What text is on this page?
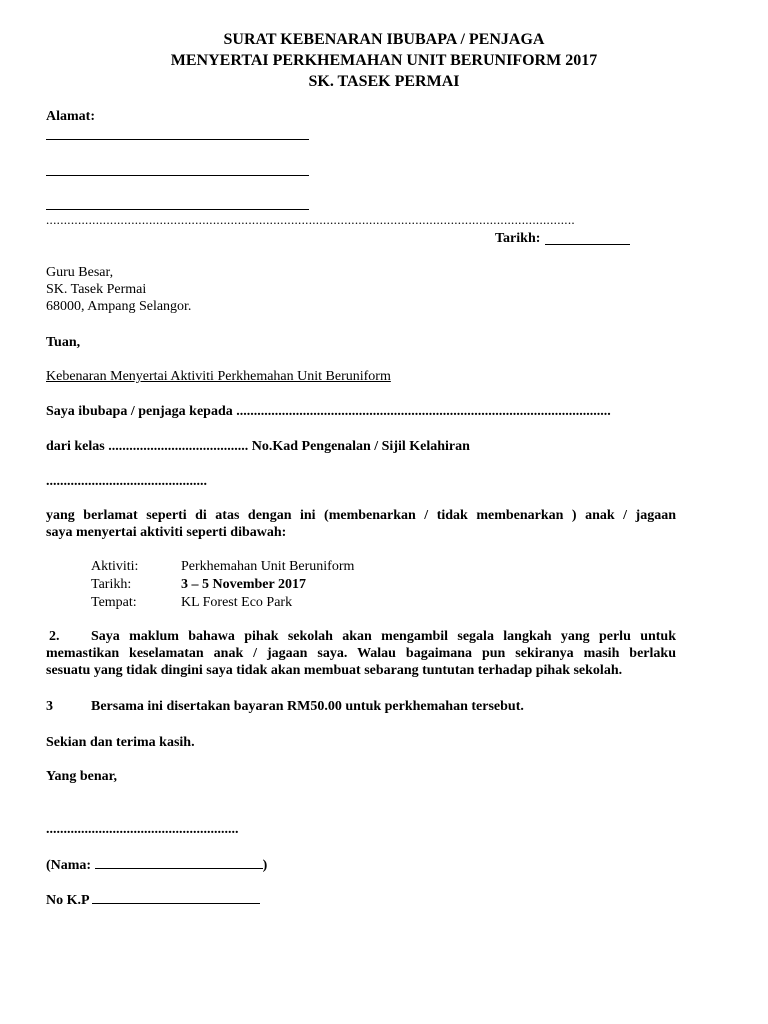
SURAT KEBENARAN IBUBAPA / PENJAGA
MENYERTAI PERKHEMAHAN UNIT BERUNIFORM 2017
SK. TASEK PERMAI
Alamat:
.....................................................................................................................................................
Tarikh:
Guru Besar,
SK. Tasek Permai
68000, Ampang Selangor.
Tuan,
Kebenaran Menyertai Aktiviti Perkhemahan Unit Beruniform
Saya ibubapa / penjaga kepada ...........................................................................................................
dari kelas ........................................ No.Kad Pengenalan / Sijil Kelahiran
..............................................
yang berlamat seperti di atas dengan ini (membenarkan / tidak membenarkan ) anak / jagaan
saya menyertai aktiviti seperti dibawah:
Aktiviti:	Perkhemahan Unit Beruniform
Tarikh:	3 – 5 November 2017
Tempat:	KL Forest Eco Park
2. Saya maklum bahawa pihak sekolah akan mengambil segala langkah yang perlu untuk
memastikan keselamatan anak / jagaan saya. Walau bagaimana pun sekiranya masih berlaku
sesuatu yang tidak dingini saya tidak akan membuat sebarang tuntutan terhadap pihak sekolah.
3	Bersama ini disertakan bayaran RM50.00 untuk perkhemahan tersebut.
Sekian dan terima kasih.
Yang benar,
.......................................................
(Nama:	)
No K.P
